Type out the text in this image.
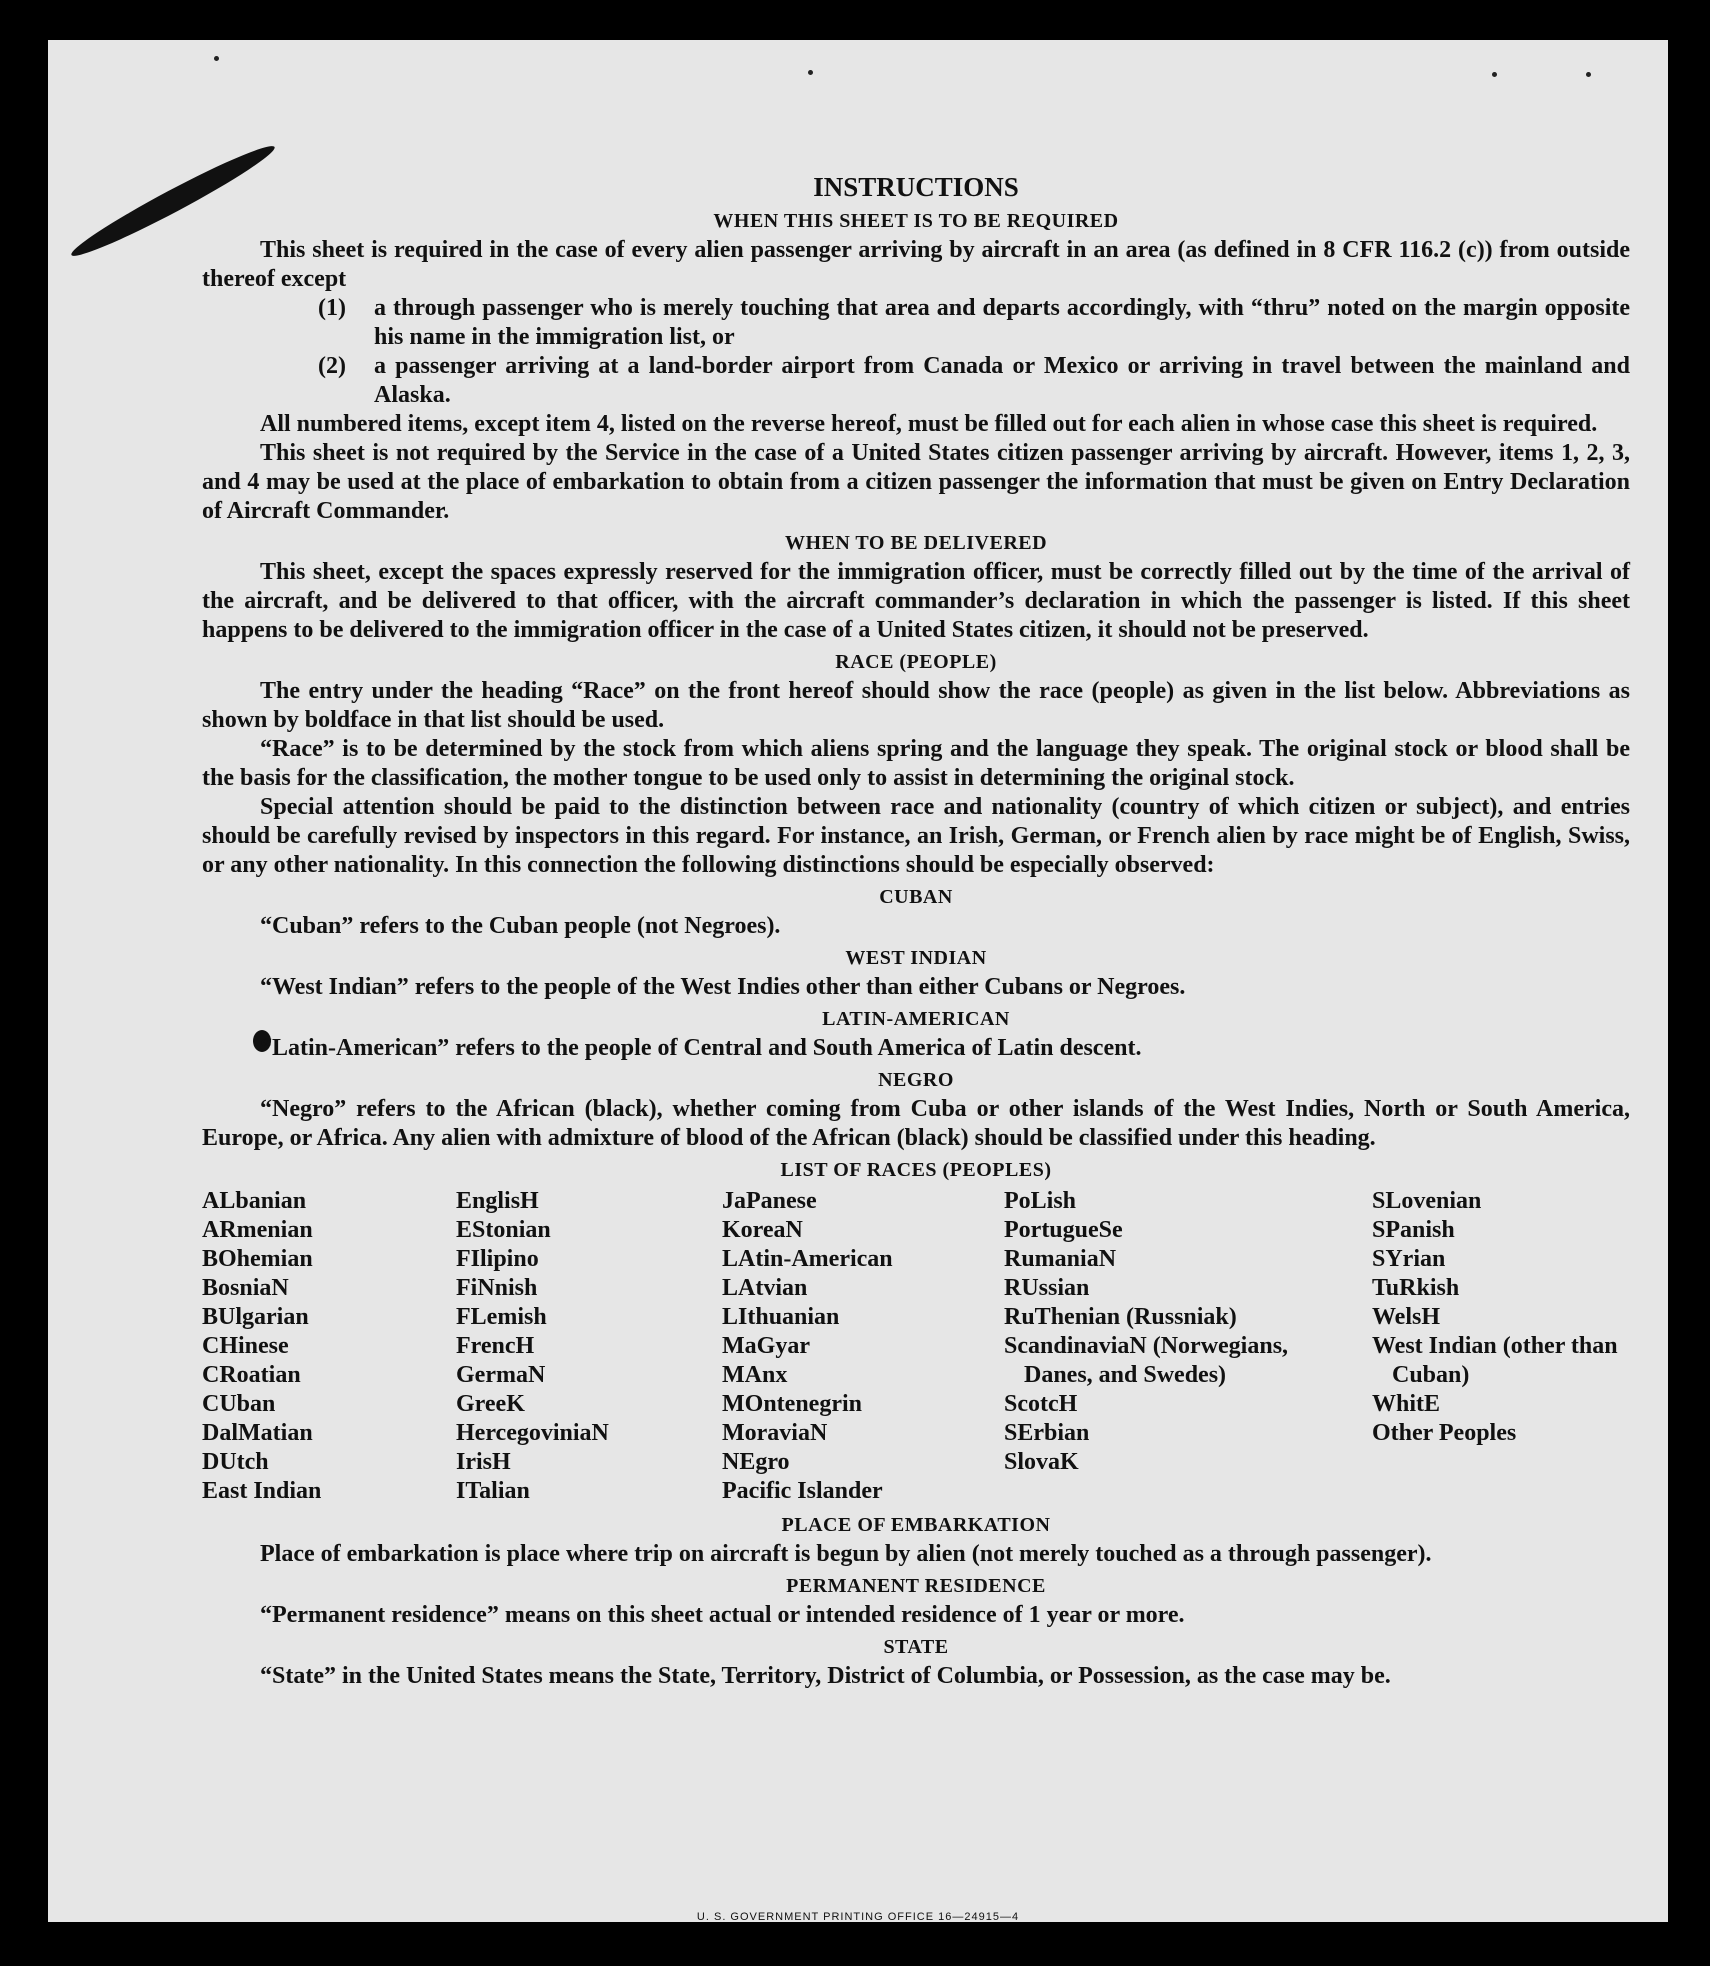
INSTRUCTIONS
WHEN THIS SHEET IS TO BE REQUIRED

This sheet is required in the case of every alien passenger arriving by aircraft in an area (as defined in 8 CFR 116.2 (c)) from outside thereof except

(1) a through passenger who is merely touching that area and departs accordingly, with “thru” noted on the margin opposite his name in the immigration list, or
(2) a passenger arriving at a land-border airport from Canada or Mexico or arriving in travel between the mainland and Alaska.

All numbered items, except item 4, listed on the reverse hereof, must be filled out for each alien in whose case this sheet is required.

This sheet is not required by the Service in the case of a United States citizen passenger arriving by aircraft. However, items 1, 2, 3, and 4 may be used at the place of embarkation to obtain from a citizen passenger the information that must be given on Entry Declaration of Aircraft Commander.

WHEN TO BE DELIVERED

This sheet, except the spaces expressly reserved for the immigration officer, must be correctly filled out by the time of the arrival of the aircraft, and be delivered to that officer, with the aircraft commander’s declaration in which the passenger is listed. If this sheet happens to be delivered to the immigration officer in the case of a United States citizen, it should not be preserved.

RACE (PEOPLE)

The entry under the heading “Race” on the front hereof should show the race (people) as given in the list below. Abbreviations as shown by boldface in that list should be used.

“Race” is to be determined by the stock from which aliens spring and the language they speak. The original stock or blood shall be the basis for the classification, the mother tongue to be used only to assist in determining the original stock.

Special attention should be paid to the distinction between race and nationality (country of which citizen or subject), and entries should be carefully revised by inspectors in this regard. For instance, an Irish, German, or French alien by race might be of English, Swiss, or any other nationality. In this connection the following distinctions should be especially observed:

CUBAN

“Cuban” refers to the Cuban people (not Negroes).

WEST INDIAN

“West Indian” refers to the people of the West Indies other than either Cubans or Negroes.

LATIN-AMERICAN

“Latin-American” refers to the people of Central and South America of Latin descent.

NEGRO

“Negro” refers to the African (black), whether coming from Cuba or other islands of the West Indies, North or South America, Europe, or Africa. Any alien with admixture of blood of the African (black) should be classified under this heading.

LIST OF RACES (PEOPLES)
ALbanian
ARmenian
BOhemian
BosniaN
BUlgarian
CHinese
CRoatian
CUban
DalMatian
DUtch
East Indian
EnglisH
EStonian
FIlipino
FiNnish
FLemish
FrencH
GermaN
GreeK
HercegoviniaN
IrisH
ITalian
JaPanese
KoreaN
LAtin-American
LAtvian
LIthuanian
MaGyar
MAnx
MOntenegrin
MoraviaN
NEgro
Pacific Islander
PoLish
PortugueSe
RumaniaN
RUssian
RuThenian (Russniak)
ScandinaviaN (Norwegians, Danes, and Swedes)
ScotcH
SErbian
SlovaK
SLovenian
SPanish
SYrian
TuRkish
WelsH
West Indian (other than Cuban)
WhitE
Other Peoples
PLACE OF EMBARKATION

Place of embarkation is place where trip on aircraft is begun by alien (not merely touched as a through passenger).

PERMANENT RESIDENCE

“Permanent residence” means on this sheet actual or intended residence of 1 year or more.

STATE

“State” in the United States means the State, Territory, District of Columbia, or Possession, as the case may be.

U. S. GOVERNMENT PRINTING OFFICE 16—24915—4
